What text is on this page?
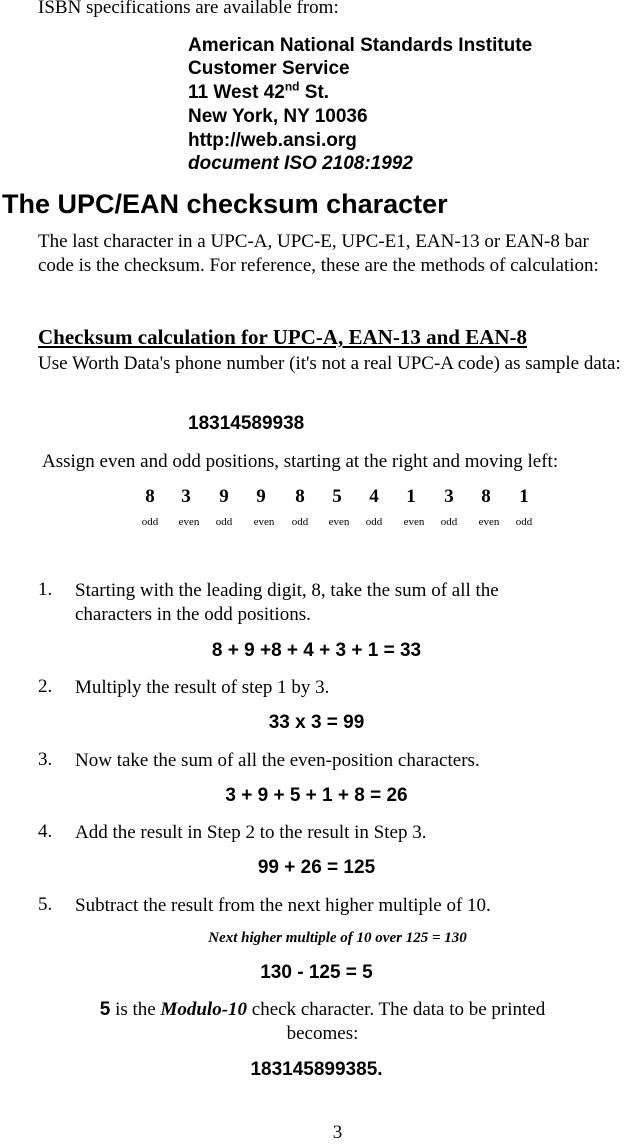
ISBN specifications are available from:
American National Standards Institute
Customer Service
11 West 42nd St.
New York, NY 10036
http://web.ansi.org
document ISO 2108:1992
The UPC/EAN checksum character
The last character in a UPC-A, UPC-E, UPC-E1, EAN-13 or EAN-8 bar code is the checksum. For reference, these are the methods of calculation:
Checksum calculation for UPC-A, EAN-13 and EAN-8
Use Worth Data's phone number (it's not a real UPC-A code) as sample data:
18314589938
Assign even and odd positions, starting at the right and moving left:
8	3	9	9	8	5	4	1	3	8	1
odd	even	odd	even	odd	even	odd	even	odd	even	odd
1. Starting with the leading digit, 8, take the sum of all the characters in the odd positions.
8 + 9 +8 + 4 + 3 + 1 = 33
2. Multiply the result of step 1 by 3.
33 x 3 = 99
3. Now take the sum of all the even-position characters.
3 + 9 + 5 + 1 + 8 = 26
4. Add the result in Step 2 to the result in Step 3.
99 + 26 = 125
5. Subtract the result from the next higher multiple of 10.
Next higher multiple of 10 over 125 = 130
130 - 125 = 5
5 is the Modulo-10 check character. The data to be printed
becomes:
183145899385.
3
